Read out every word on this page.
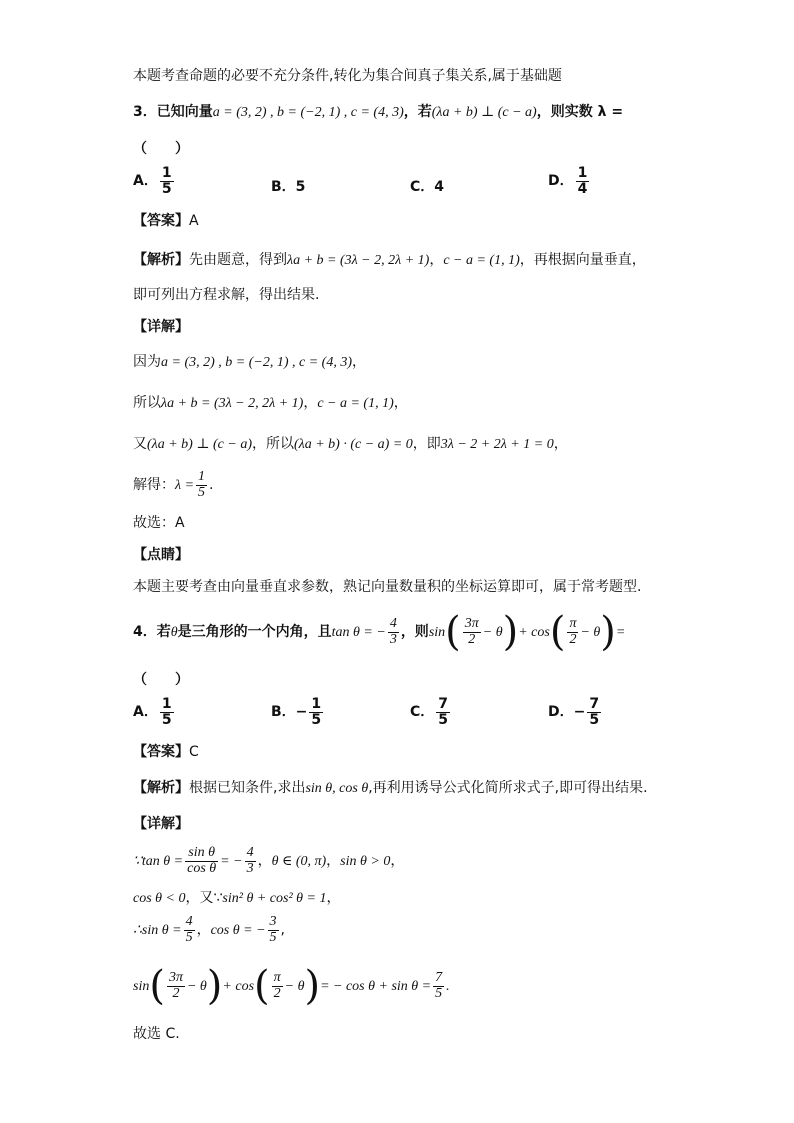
本题考查命题的必要不充分条件,转化为集合间真子集关系,属于基础题
3．已知向量a = (3, 2) , b = (−2, 1) , c = (4, 3)，若(λa + b) ⊥ (c − a)，则实数 λ =
（　　）
A． $\frac{1}{5}$	B．5	C．4	D． $\frac{1}{4}$
【答案】A
【解析】先由题意，得到λa + b = (3λ − 2, 2λ + 1)，c − a = (1, 1)，再根据向量垂直，
即可列出方程求解，得出结果.
【详解】
因为a = (3, 2) , b = (−2, 1) , c = (4, 3)，
所以λa + b = (3λ − 2, 2λ + 1)，c − a = (1, 1)，
又(λa + b) ⊥ (c − a)，所以(λa + b) · (c − a) = 0，即3λ − 2 + 2λ + 1 = 0，
解得：$\lambda = \frac{1}{5}$ .
故选：A
【点睛】
本题主要考查由向量垂直求参数，熟记向量数量积的坐标运算即可，属于常考题型.
4．若θ是三角形的一个内角，且tan θ = − $\frac{4}{3}$ ，则$\sin( \frac{3\pi}{2} - \theta)+ \cos( \frac{\pi}{2} - \theta)=$
（　　）
A． $\frac{1}{5}$	B．− $\frac{1}{5}$	C． $\frac{7}{5}$	D．− $\frac{7}{5}$
【答案】C
【解析】根据已知条件,求出sin θ, cos θ,再利用诱导公式化简所求式子,即可得出结果.
【详解】
∵tan $\theta = \frac{\text{sin θ}}{\text{cos θ}}$ = − $\frac{4}{3}$ ，θ ∈ (0, π)，sin θ > 0，
cos θ < 0，又∵sin² θ + cos² θ = 1，
∴sin $\theta = \frac{4}{5}$ ，cos θ = − $\frac{3}{5}$ ,
$\sin( \frac{3\pi}{2} - \theta)+ \cos( \frac{\pi}{2} - \theta)= - \cos \theta + \sin \theta = \frac{7}{5}$ .
故选 C.
